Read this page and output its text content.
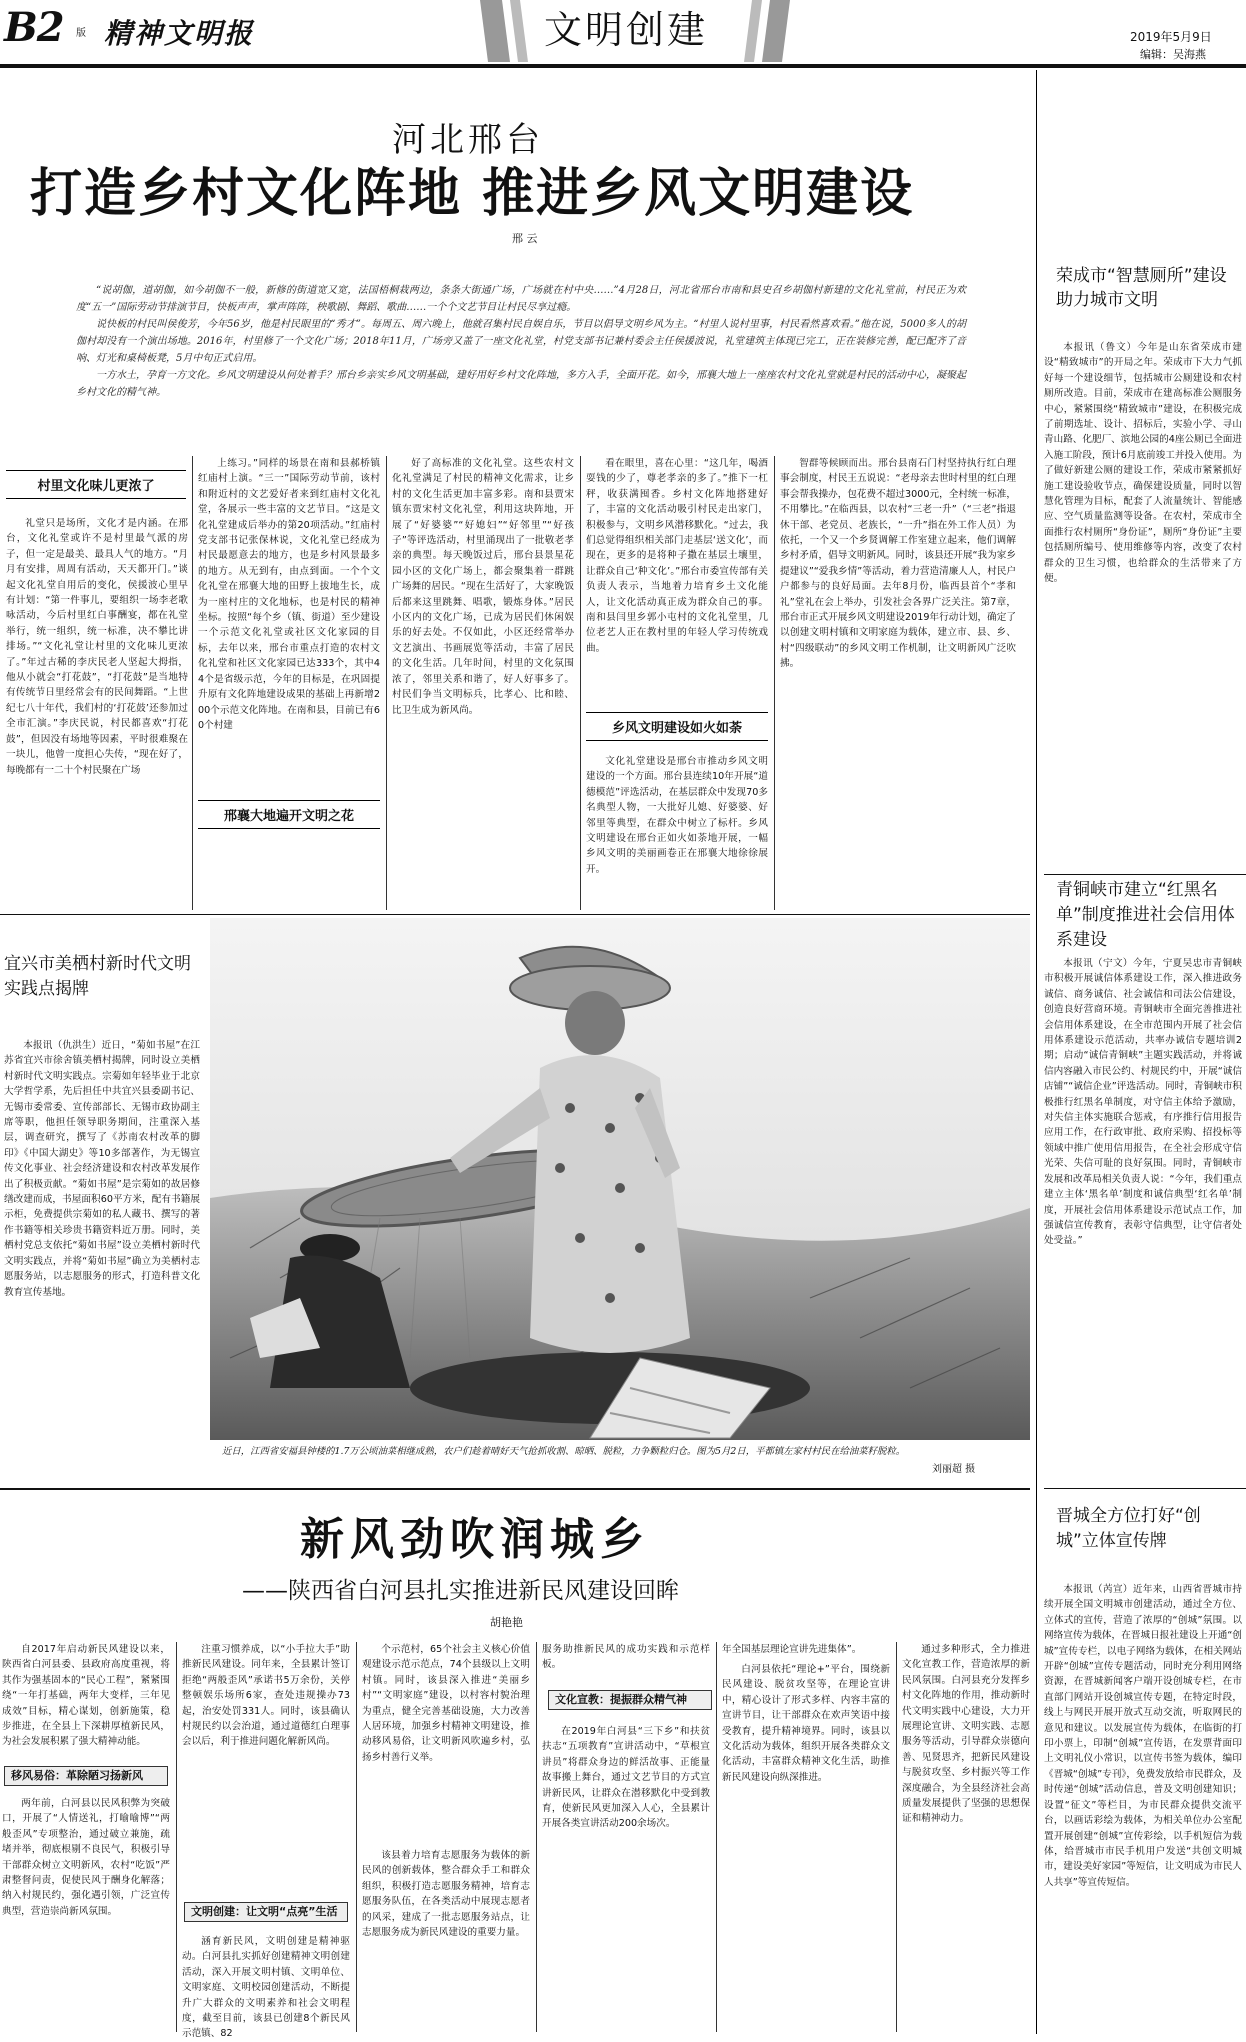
B2 版 精神文明报	文明创建	2019年5月9日
编辑：吴海燕
河北邢台
打造乡村文化阵地 推进乡风文明建设
邢 云

“说胡伽，道胡伽，如今胡伽不一般，新修的街道宽又宽，法国梧桐栽两边，条条大街通广场，广场就在村中央……”4月28日，河北省邢台市南和县史召乡胡伽村新建的文化礼堂前，村民正为欢度“五一”国际劳动节排演节目，快板声声，掌声阵阵，秧歌剧、舞蹈、歌曲……一个个文艺节目让村民尽享过瘾。

说快板的村民叫侯俊芳，今年56岁，他是村民眼里的“秀才”。每周五、周六晚上，他就召集村民自娱自乐，节目以倡导文明乡风为主。“村里人说村里事，村民看然喜欢看。”他在说，5000多人的胡伽村却没有一个演出场地。2016年，村里修了一个文化广场；2018年11月，广场旁又盖了一座文化礼堂，村党支部书记兼村委会主任侯援波说，礼堂建筑主体现已完工，正在装修完善，配已配齐了音响、灯光和桌椅板凳，5月中旬正式启用。

一方水土，孕育一方文化。乡风文明建设从何处着手？邢台乡亲实乡风文明基础，建好用好乡村文化阵地，多方入手，全面开花。如今，邢襄大地上一座座农村文化礼堂就是村民的活动中心，凝聚起乡村文化的精气神。

村里文化味儿更浓了
礼堂只是场所，文化才是内涵。在邢台，文化礼堂或许不是村里最气派的房子，但一定是最美、最具人气的地方。“月月有安排，周周有活动，天天都开门。”谈起文化礼堂自用后的变化，侯援波心里早有计划：“第一件事儿，要组织一场李老歌咏活动，今后村里红白事酬宴，都在礼堂举行，统一组织，统一标准，决不攀比讲排场。”“文化礼堂让村里的文化味儿更浓了。”年过古稀的李庆民老人坚起大拇指，他从小就会“打花鼓”，“打花鼓”是当地特有传统节日里经常会有的民间舞蹈。“上世纪七八十年代，我们村的‘打花鼓’还参加过全市汇演。”李庆民说，村民都喜欢“打花鼓”，但因没有场地等因素，平时很难聚在一块儿，他曾一度担心失传，“现在好了，每晚都有一二十个村民聚在广场
上练习。”同样的场景在南和县郝桥镇红庙村上演。“三一”国际劳动节前，该村和附近村的文艺爱好者来到红庙村文化礼堂，各展示一些丰富的文艺节目。“这是文化礼堂建成后举办的第20项活动。”红庙村党支部书记张保林说，文化礼堂已经成为村民最愿意去的地方，也是乡村风景最多的地方。从无到有，由点到面。一个个文化礼堂在邢襄大地的田野上拔地生长，成为一座村庄的文化地标，也是村民的精神坐标。按照“每个乡（镇、街道）至少建设一个示范文化礼堂或社区文化家园的目标，去年以来，邢台市重点打造的农村文化礼堂和社区文化家园已达333个，其中44个是省级示范，今年的目标是，在巩固提升原有文化阵地建设成果的基础上再新增200个示范文化阵地。在南和县，目前已有60个村建
邢襄大地遍开文明之花
好了高标准的文化礼堂。这些农村文化礼堂满足了村民的精神文化需求，让乡村的文化生活更加丰富多彩。南和县贾宋镇东贾宋村文化礼堂，利用这块阵地，开展了“好婆婆”“好媳妇”“好邻里”“好孩子”等评选活动，村里涌现出了一批敬老孝亲的典型。每天晚饭过后，邢台县景星花园小区的文化广场上，都会聚集着一群跳广场舞的居民。“现在生活好了，大家晚饭后都来这里跳舞、唱歌，锻炼身体。”居民小区内的文化广场，已成为居民们休闲娱乐的好去处。不仅如此，小区还经常举办文艺演出、书画展览等活动，丰富了居民的文化生活。几年时间，村里的文化氛围浓了，邻里关系和谐了，好人好事多了。村民们争当文明标兵，比孝心、比和睦、比卫生成为新风尚。
看在眼里，喜在心里：“这几年，喝酒耍钱的少了，尊老孝亲的多了。”推下一杠秤，收获满囤香。乡村文化阵地搭建好了，丰富的文化活动吸引村民走出家门，积极参与，文明乡风潜移默化。“过去，我们总觉得组织相关部门走基层‘送文化’，而现在，更多的是将种子撒在基层土壤里，让群众自己‘种文化’。”邢台市委宣传部有关负责人表示，当地着力培育乡土文化能人，让文化活动真正成为群众自己的事。南和县闫里乡郭小屯村的文化礼堂里，几位老艺人正在教村里的年轻人学习传统戏曲。
乡风文明建设如火如荼
文化礼堂建设是邢台市推动乡风文明建设的一个方面。邢台县连续10年开展“道德模范”评选活动，在基层群众中发现70多名典型人物，一大批好儿媳、好婆婆、好邻里等典型，在群众中树立了标杆。乡风文明建设在邢台正如火如荼地开展，一幅乡风文明的美丽画卷正在邢襄大地徐徐展开。
智群等候顾而出。邢台县南石门村坚持执行红白理事会制度，村民王五说说：“老母亲去世时村里的红白理事会帮我操办，包花费不超过3000元，全村统一标准，不用攀比。”在临西县，以农村“三老一升”（“三老”指退休干部、老党员、老族长，“一升”指在外工作人员）为依托，一个又一个乡贤调解工作室建立起来，他们调解乡村矛盾，倡导文明新风。同时，该县还开展“我为家乡提建议”“爱我乡情”等活动，着力营造清廉人人，村民户户都参与的良好局面。去年8月份，临西县首个“孝和礼”堂礼在会上举办，引发社会各界广泛关注。第7章，邢台市正式开展乡风文明建设2019年行动计划，确定了以创建文明村镇和文明家庭为载体，建立市、县、乡、村“四级联动”的乡风文明工作机制，让文明新风广泛吹拂。
荣成市“智慧厕所”建设助力城市文明
本报讯（鲁文）今年是山东省荣成市建设“精致城市”的开局之年。荣成市下大力气抓好每一个建设细节，包括城市公厕建设和农村厕所改造。目前，荣成市在建高标准公厕服务中心，紧紧围绕“精致城市”建设，在积极完成了前期选址、设计、招标后，实验小学、寻山青山路、化肥厂、滨地公园的4座公厕已全面进入施工阶段，预计6月底前竣工并投入使用。为了做好新建公厕的建设工作，荣成市紧紧抓好施工建设验收节点，确保建设质量，同时以智慧化管理为目标，配套了人流量统计、智能感应、空气质量监测等设备。在农村，荣成市全面推行农村厕所“身份证”，厕所“身份证”主要包括厕所编号、使用维修等内容，改变了农村群众的卫生习惯，也给群众的生活带来了方便。
青铜峡市建立“红黑名单”制度推进社会信用体系建设
本报讯（宁文）今年，宁夏吴忠市青铜峡市积极开展诚信体系建设工作，深入推进政务诚信、商务诚信、社会诚信和司法公信建设，创造良好营商环境。青铜峡市全面完善推进社会信用体系建设，在全市范围内开展了社会信用体系建设示范活动，共率办诚信专题培训2期；启动“诚信青铜峡”主题实践活动，并将诚信内容融入市民公约、村规民约中，开展“诚信店铺”“诚信企业”评选活动。同时，青铜峡市积极推行红黑名单制度，对守信主体给予激励，对失信主体实施联合惩戒，有序推行信用报告应用工作，在行政审批、政府采购、招投标等领域中推广使用信用报告，在全社会形成守信光荣、失信可耻的良好氛围。同时，青铜峡市发展和改革局相关负责人说：“今年，我们重点建立主体‘黑名单’制度和诚信典型‘红名单’制度，开展社会信用体系建设示范试点工作，加强诚信宣传教育，表彰守信典型，让守信者处处受益。”
晋城全方位打好“创城”立体宣传牌
本报讯（芮宣）近年来，山西省晋城市持续开展全国文明城市创建活动，通过全方位、立体式的宣传，营造了浓厚的“创城”氛围。以网络宣传为载体，在晋城日报社建设上开通“创城”宣传专栏，以电子网络为载体，在相关网站开辟“创城”宣传专题活动，同时充分利用网络资源，在晋城新闻客户端开设创城专栏，在市直部门网站开设创城宣传专题，在特定时段，线上与网民开展开放式互动交流，听取网民的意见和建议。以发展宣传为载体，在临街的打印小票上，印制“创城”宣传语，在发票背面印上文明礼仪小常识，以宣传书签为载体，编印《晋城“创城”专刊》，免费发放给市民群众，及时传递“创城”活动信息，普及文明创建知识；设置“征文”等栏目，为市民群众提供交流平台，以画话彩绘为载体，为相关单位办公室配置开展创建“创城”宣传彩绘，以手机短信为载体，给晋城市市民手机用户发送“共创文明城市，建设美好家园”等短信，让文明成为市民人人共享”等宣传短信。
宜兴市美栖村新时代文明实践点揭牌
本报讯（仇洪生）近日，“菊如书屋”在江苏省宜兴市徐舍镇美栖村揭牌，同时设立美栖村新时代文明实践点。宗菊如年轻毕业于北京大学哲学系，先后担任中共宜兴县委副书记、无锡市委常委、宣传部部长、无锡市政协副主席等职，他担任领导职务期间，注重深入基层，调查研究，撰写了《苏南农村改革的脚印》《中国大湖史》等10多部著作，为无锡宣传文化事业、社会经济建设和农村改革发展作出了积极贡献。“菊如书屋”是宗菊如的故居修缮改建而成，书屋面积60平方米，配有书籍展示柜，免费提供宗菊如的私人藏书、撰写的著作书籍等相关珍贵书籍资料近万册。同时，美栖村党总支依托“菊如书屋”设立美栖村新时代文明实践点，并将“菊如书屋”确立为美栖村志愿服务站，以志愿服务的形式，打造科普文化教育宣传基地。
近日，江西省安福县钟楼的1.7万公顷油菜相继成熟，农户们趁着晴好天气抢抓收割、晾晒、脱粒，力争颗粒归仓。图为5月2日，平都镇左家村村民在给油菜籽脱粒。
刘丽超 摄
新风劲吹润城乡
——陕西省白河县扎实推进新民风建设回眸
胡艳艳
自2017年启动新民风建设以来，陕西省白河县委、县政府高度重视，将其作为强基固本的“民心工程”，紧紧围绕“一年打基础，两年大变样，三年见成效”目标，精心谋划，创新施策，稳步推进，在全县上下深耕厚植新民风，为社会发展积累了强大精神动能。
移风易俗：革除陋习扬新风
两年前，白河县以民风积弊为突破口，开展了“人情送礼，打喻喻博”“两般歪风”专项整治，通过破立兼施，疏堵并举，彻底根剔不良民气，积极引导干部群众树立文明新风，农村“吃饭”严肃整督问责，促使民风于酬身化解落；纳入村规民约，强化遇引领，广泛宣传典型，营造崇尚新风氛围。
注重习惯养成，以“小手拉大手”助推新民风建设。同年来，全县累计签订拒绝“两般歪风”承诺书5万余份，关停整顿娱乐场所6家，查处违规操办73起，治安处罚331人。同时，该县确认村规民约以会治道，通过道德红白理事会以后，利于推进问题化解新风尚。
文明创建：让文明“点亮”生活
涵育新民风，文明创建是精神驱动。白河县扎实抓好创建精神文明创建活动，深入开展文明村镇、文明单位、文明家庭、文明校园创建活动，不断提升广大群众的文明素养和社会文明程度，截至目前，该县已创建8个新民风示范镇、82
个示范村，65个社会主义核心价值观建设示范示范点，74个县级以上文明村镇。同时，该县深入推进“美丽乡村”“文明家庭”建设，以村容村貌治理为重点，健全完善基础设施，大力改善人居环境，加强乡村精神文明建设，推动移风易俗，让文明新风吹遍乡村，弘扬乡村善行义举。
该县着力培育志愿服务为载体的新民风的创新载体，整合群众手工和群众组织，积极打造志愿服务精神，培育志愿服务队伍，在各类活动中展现志愿者的风采，建成了一批志愿服务站点，让志愿服务成为新民风建设的重要力量。
服务助推新民风的成功实践和示范样板。
文化宣教：提振群众精气神
在2019年白河县“三下乡”和扶贫扶志“五项教育”宣讲活动中，“草根宣讲员”将群众身边的鲜活故事、正能量故事搬上舞台，通过文艺节目的方式宣讲新民风，让群众在潜移默化中受到教育，使新民风更加深入人心，全县累计开展各类宣讲活动200余场次。
年全国基层理论宣讲先进集体”。
白河县依托“理论+”平台，围绕新民风建设、脱贫攻坚等，在理论宣讲中，精心设计了形式多样、内容丰富的宣讲节目，让干部群众在欢声笑语中接受教育，提升精神境界。同时，该县以文化活动为载体，组织开展各类群众文化活动，丰富群众精神文化生活，助推新民风建设向纵深推进。
通过多种形式，全力推进文化宣教工作，营造浓厚的新民风氛围。白河县充分发挥乡村文化阵地的作用，推动新时代文明实践中心建设，大力开展理论宣讲、文明实践、志愿服务等活动，引导群众崇德向善、见贤思齐，把新民风建设与脱贫攻坚、乡村振兴等工作深度融合，为全县经济社会高质量发展提供了坚强的思想保证和精神动力。
